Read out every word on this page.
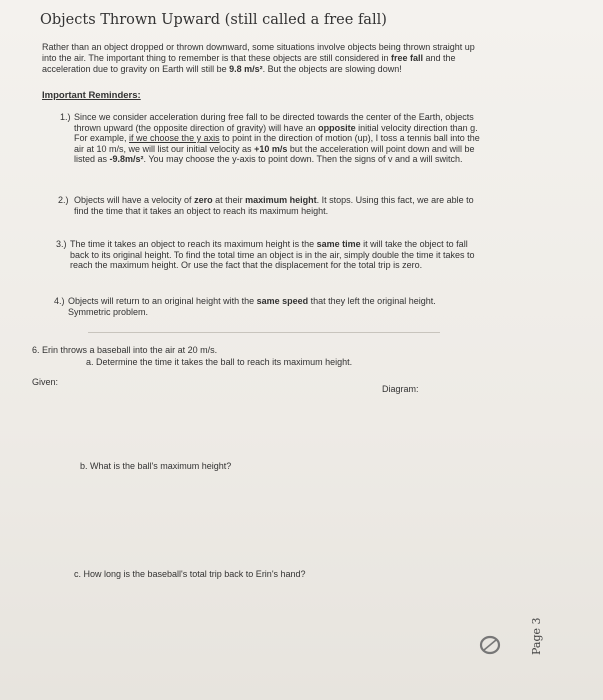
Objects Thrown Upward (still called a free fall)
Rather than an object dropped or thrown downward, some situations involve objects being thrown straight up
into the air. The important thing to remember is that these objects are still considered in free fall and the
acceleration due to gravity on Earth will still be 9.8 m/s². But the objects are slowing down!
Important Reminders:
1.) Since we consider acceleration during free fall to be directed towards the center of the Earth, objects
thrown upward (the opposite direction of gravity) will have an opposite initial velocity direction than g.
For example, if we choose the y axis to point in the direction of motion (up), I toss a tennis ball into the
air at 10 m/s, we will list our initial velocity as +10 m/s but the acceleration will point down and will be
listed as -9.8m/s². You may choose the y-axis to point down. Then the signs of v and a will switch.
2.) Objects will have a velocity of zero at their maximum height. It stops. Using this fact, we are able to
find the time that it takes an object to reach its maximum height.
3.) The time it takes an object to reach its maximum height is the same time it will take the object to fall
back to its original height. To find the total time an object is in the air, simply double the time it takes to
reach the maximum height. Or use the fact that the displacement for the total trip is zero.
4.) Objects will return to an original height with the same speed that they left the original height.
Symmetric problem.
6. Erin throws a baseball into the air at 20 m/s.
a. Determine the time it takes the ball to reach its maximum height.
Given:
Diagram:
b. What is the ball's maximum height?
c. How long is the baseball's total trip back to Erin's hand?
Page 3
